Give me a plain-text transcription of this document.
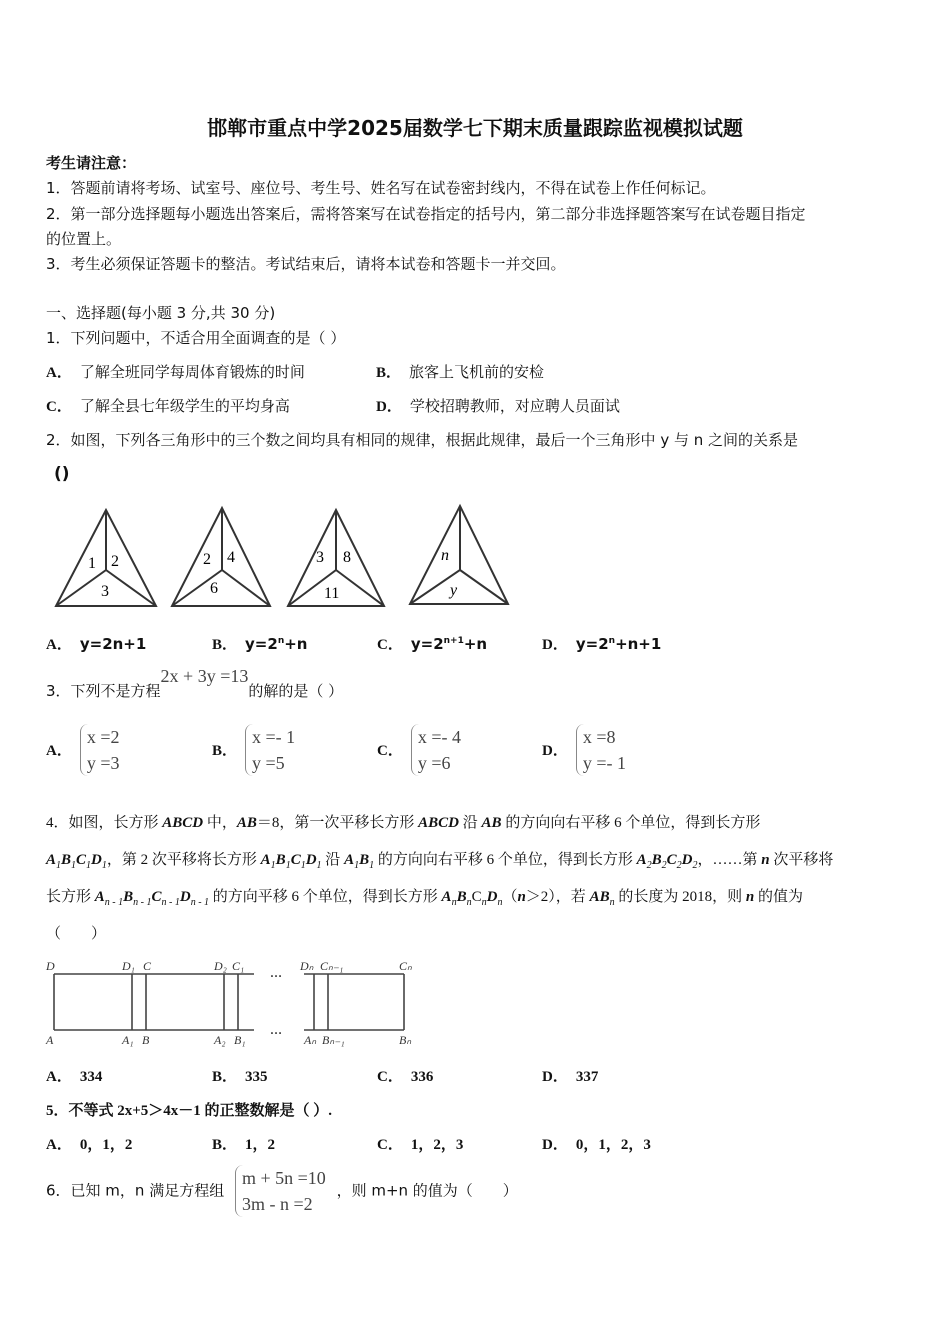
邯郸市重点中学2025届数学七下期末质量跟踪监视模拟试题
考生请注意：
1．答题前请将考场、试室号、座位号、考生号、姓名写在试卷密封线内，不得在试卷上作任何标记。
2．第一部分选择题每小题选出答案后，需将答案写在试卷指定的括号内，第二部分非选择题答案写在试卷题目指定
的位置上。
3．考生必须保证答题卡的整洁。考试结束后，请将本试卷和答题卡一并交回。
一、选择题(每小题 3 分,共 30 分)
1．下列问题中，不适合用全面调查的是（ ）
A． 了解全班同学每周体育锻炼的时间	B． 旅客上飞机前的安检
C． 了解全县七年级学生的平均身高	D． 学校招聘教师，对应聘人员面试
2．如图，下列各三角形中的三个数之间均具有相同的规律，根据此规律，最后一个三角形中 y 与 n 之间的关系是
()
1 2
3
2 4
6
3 8
11
n
y
A． y=2n+1	B． $y=2^n+n$	C． $y=2^{n+1}+n$	D． $y=2^n+n+1$
3．下列不是方程2x + 3y =13的解的是（ ）
A．
x =2
y =3
B．
x =- 1
y =5
C．
x =- 4
y =6
D．
x =8
y =- 1
4．如图，长方形 ABCD 中，AB＝8，第一次平移长方形 ABCD 沿 AB 的方向向右平移 6 个单位，得到长方形
$A_1B_1C_1D_1$，第 2 次平移将长方形 $A_1B_1C_1D_1$ 沿 $A_1B_1$ 的方向向右平移 6 个单位，得到长方形 $A_2B_2C_2D_2$，……第 n 次平移将
长方形 $A_{n - 1}B_{n - 1}C_{n - 1}D_{n - 1}$ 的方向平移 6 个单位，得到长方形 $A_nB_nC_nD_n(n>2)$，若 $AB_n$ 的长度为 2018，则 n 的值为
（　　）
D	D₁ C	D₂ C₁ … Dₙ Cₙ₋₁	Cₙ
A	A₁ B	A₂ B₁
…
Aₙ Bₙ₋₁	Bₙ
A． 334	B． 335	C． 336	D． 337
5．不等式 2x+5＞4x－1 的正整数解是（ ）.
A． 0，1，2	B． 1，2	C． 1，2，3	D． 0，1，2，3
6．已知 m，n 满足方程组
m + 5n =10
3m - n =2
，则 m+n 的值为（　　）
